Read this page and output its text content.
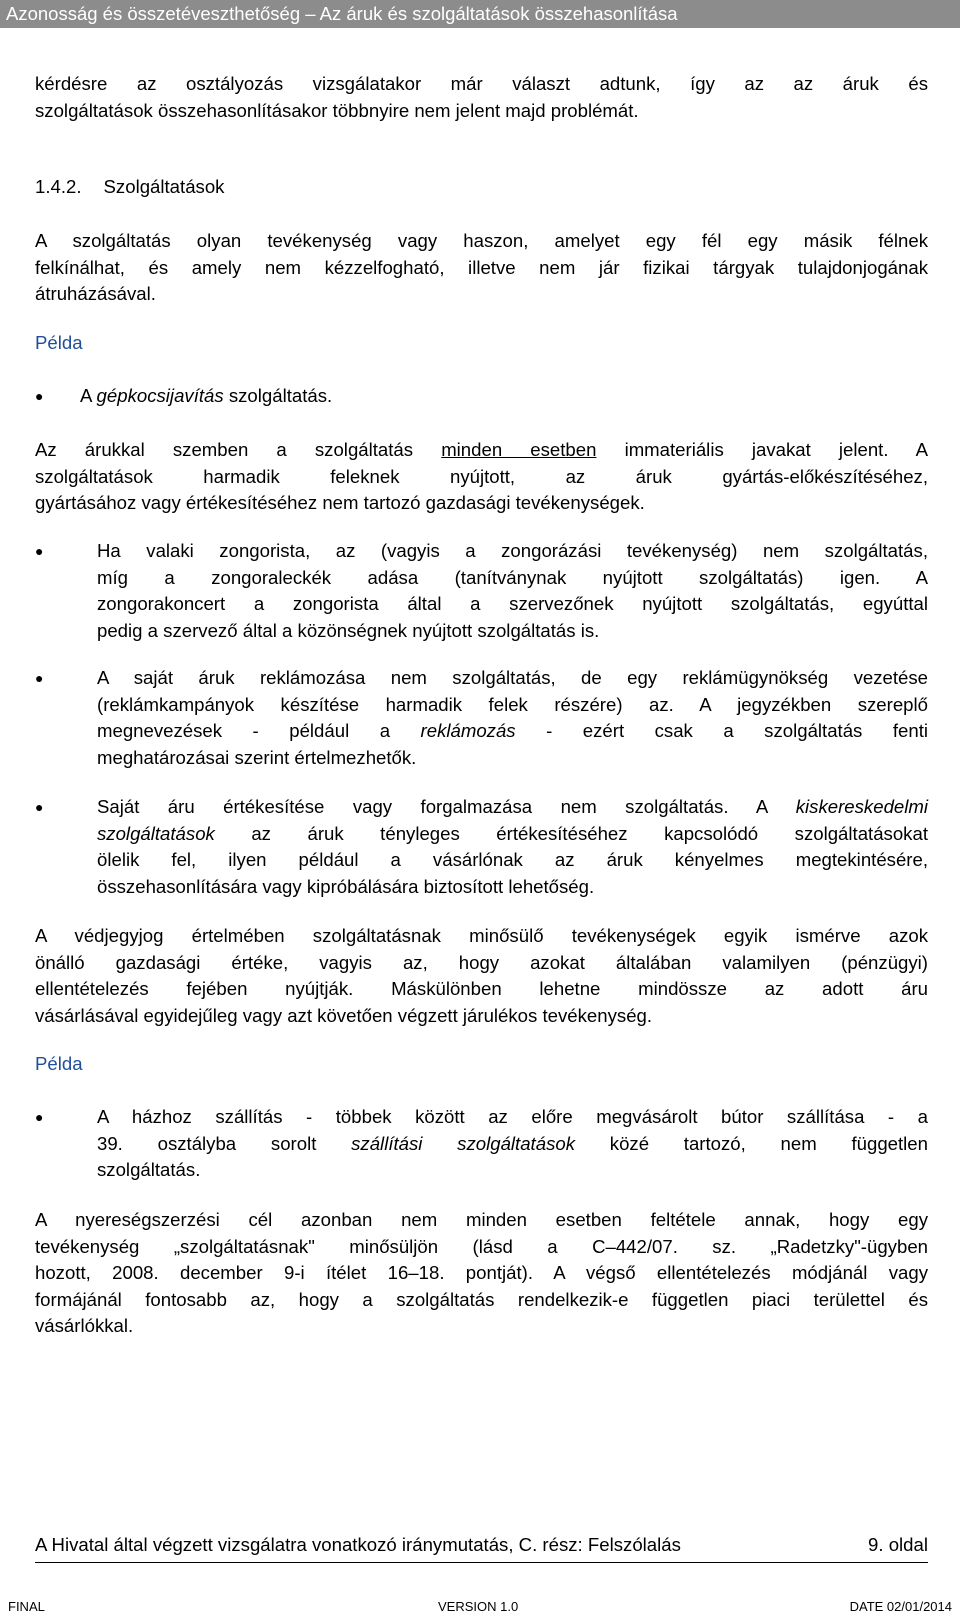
Azonosság és összetéveszthetőség – Az áruk és szolgáltatások összehasonlítása
kérdésre az osztályozás vizsgálatakor már választ adtunk, így az az áruk és
szolgáltatások összehasonlításakor többnyire nem jelent majd problémát.
1.4.2. Szolgáltatások
A szolgáltatás olyan tevékenység vagy haszon, amelyet egy fél egy másik félnek
felkínálhat, és amely nem kézzelfogható, illetve nem jár fizikai tárgyak tulajdonjogának
átruházásával.
Példa
● A gépkocsijavítás szolgáltatás.
Az árukkal szemben a szolgáltatás minden esetben immateriális javakat jelent. A
szolgáltatások harmadik feleknek nyújtott, az áruk gyártás-előkészítéséhez,
gyártásához vagy értékesítéséhez nem tartozó gazdasági tevékenységek.
●	Ha valaki zongorista, az (vagyis a zongorázási tevékenység) nem szolgáltatás,
míg a zongoraleckék adása (tanítványnak nyújtott szolgáltatás) igen. A
zongorakoncert a zongorista által a szervezőnek nyújtott szolgáltatás, egyúttal
pedig a szervező által a közönségnek nyújtott szolgáltatás is.
●	A saját áruk reklámozása nem szolgáltatás, de egy reklámügynökség vezetése
(reklámkampányok készítése harmadik felek részére) az. A jegyzékben szereplő
megnevezések - például a reklámozás - ezért csak a szolgáltatás fenti
meghatározásai szerint értelmezhetők.
●	Saját áru értékesítése vagy forgalmazása nem szolgáltatás. A kiskereskedelmi
szolgáltatások az áruk tényleges értékesítéséhez kapcsolódó szolgáltatásokat
ölelik fel, ilyen például a vásárlónak az áruk kényelmes megtekintésére,
összehasonlítására vagy kipróbálására biztosított lehetőség.
A védjegyjog értelmében szolgáltatásnak minősülő tevékenységek egyik ismérve azok
önálló gazdasági értéke, vagyis az, hogy azokat általában valamilyen (pénzügyi)
ellentételezés fejében nyújtják. Máskülönben lehetne mindössze az adott áru
vásárlásával egyidejűleg vagy azt követően végzett járulékos tevékenység.
Példa
●	A házhoz szállítás - többek között az előre megvásárolt bútor szállítása - a
39. osztályba sorolt szállítási szolgáltatások közé tartozó, nem független
szolgáltatás.
A nyereségszerzési cél azonban nem minden esetben feltétele annak, hogy egy
tevékenység „szolgáltatásnak" minősüljön (lásd a C‒442/07. sz. „Radetzky"-ügyben
hozott, 2008. december 9-i ítélet 16–18. pontját). A végső ellentételezés módjánál vagy
formájánál fontosabb az, hogy a szolgáltatás rendelkezik-e független piaci területtel és
vásárlókkal.
A Hivatal által végzett vizsgálatra vonatkozó iránymutatás, C. rész: Felszólalás	9. oldal
FINAL	VERSION 1.0	DATE 02/01/2014
